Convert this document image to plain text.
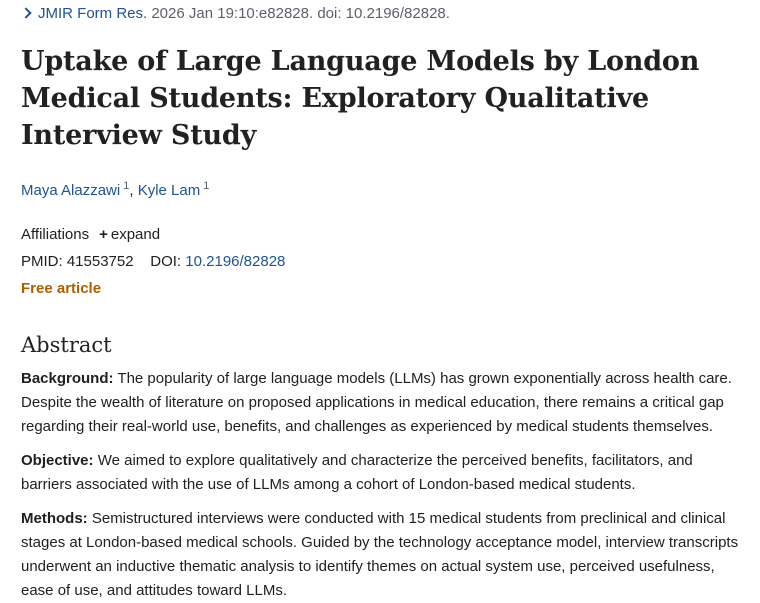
JMIR Form Res. 2026 Jan 19:10:e82828. doi: 10.2196/82828.
Uptake of Large Language Models by London Medical Students: Exploratory Qualitative Interview Study
Maya Alazzawi $^1$, Kyle Lam $^1$
Affiliations + expand
PMID: 41553752 DOI: 10.2196/82828
Free article
Abstract

Background: The popularity of large language models (LLMs) has grown exponentially across health care. Despite the wealth of literature on proposed applications in medical education, there remains a critical gap regarding their real-world use, benefits, and challenges as experienced by medical students themselves.

Objective: We aimed to explore qualitatively and characterize the perceived benefits, facilitators, and barriers associated with the use of LLMs among a cohort of London-based medical students.

Methods: Semistructured interviews were conducted with 15 medical students from preclinical and clinical stages at London-based medical schools. Guided by the technology acceptance model, interview transcripts underwent an inductive thematic analysis to identify themes on actual system use, perceived usefulness, ease of use, and attitudes toward LLMs.
